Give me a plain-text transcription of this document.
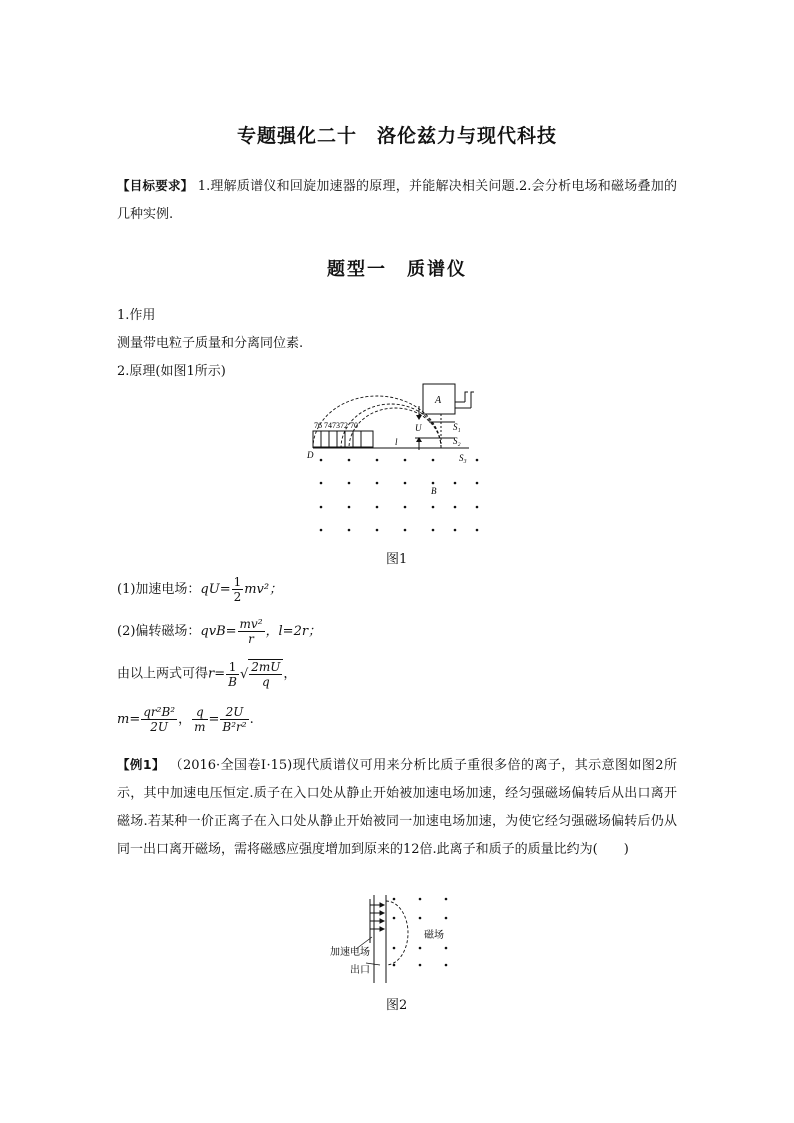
专题强化二十　洛伦兹力与现代科技
【目标要求】 1.理解质谱仪和回旋加速器的原理，并能解决相关问题.2.会分析电场和磁场叠加的几种实例.
题型一　质谱仪
1.作用
测量带电粒子质量和分离同位素.
2.原理(如图1所示)
A
S₁
S₂
S₃
U
76 747372 70
l
D
B
图1
(1)加速电场：$qU= \frac{1}{2} mv^2$；
(2)偏转磁场：$qvB= \frac{\text{mv²}}{r}$ ，l=2r；
由以上两式可得$r= \frac{1}{B}$ √ $\frac{2mU}{q}$ ，
$m= \frac{\text{qr²B²}}{2U}$ ， $\frac{q}{m} = \frac{2U}{\text{B²r²}}$ .
【例1】 （2016·全国卷Ⅰ·15)现代质谱仪可用来分析比质子重很多倍的离子，其示意图如图2所示，其中加速电压恒定.质子在入口处从静止开始被加速电场加速，经匀强磁场偏转后从出口离开磁场.若某种一价正离子在入口处从静止开始被同一加速电场加速，为使它经匀强磁场偏转后仍从同一出口离开磁场，需将磁感应强度增加到原来的12倍.此离子和质子的质量比约为(　　)
磁场
加速电场
出口
图2
